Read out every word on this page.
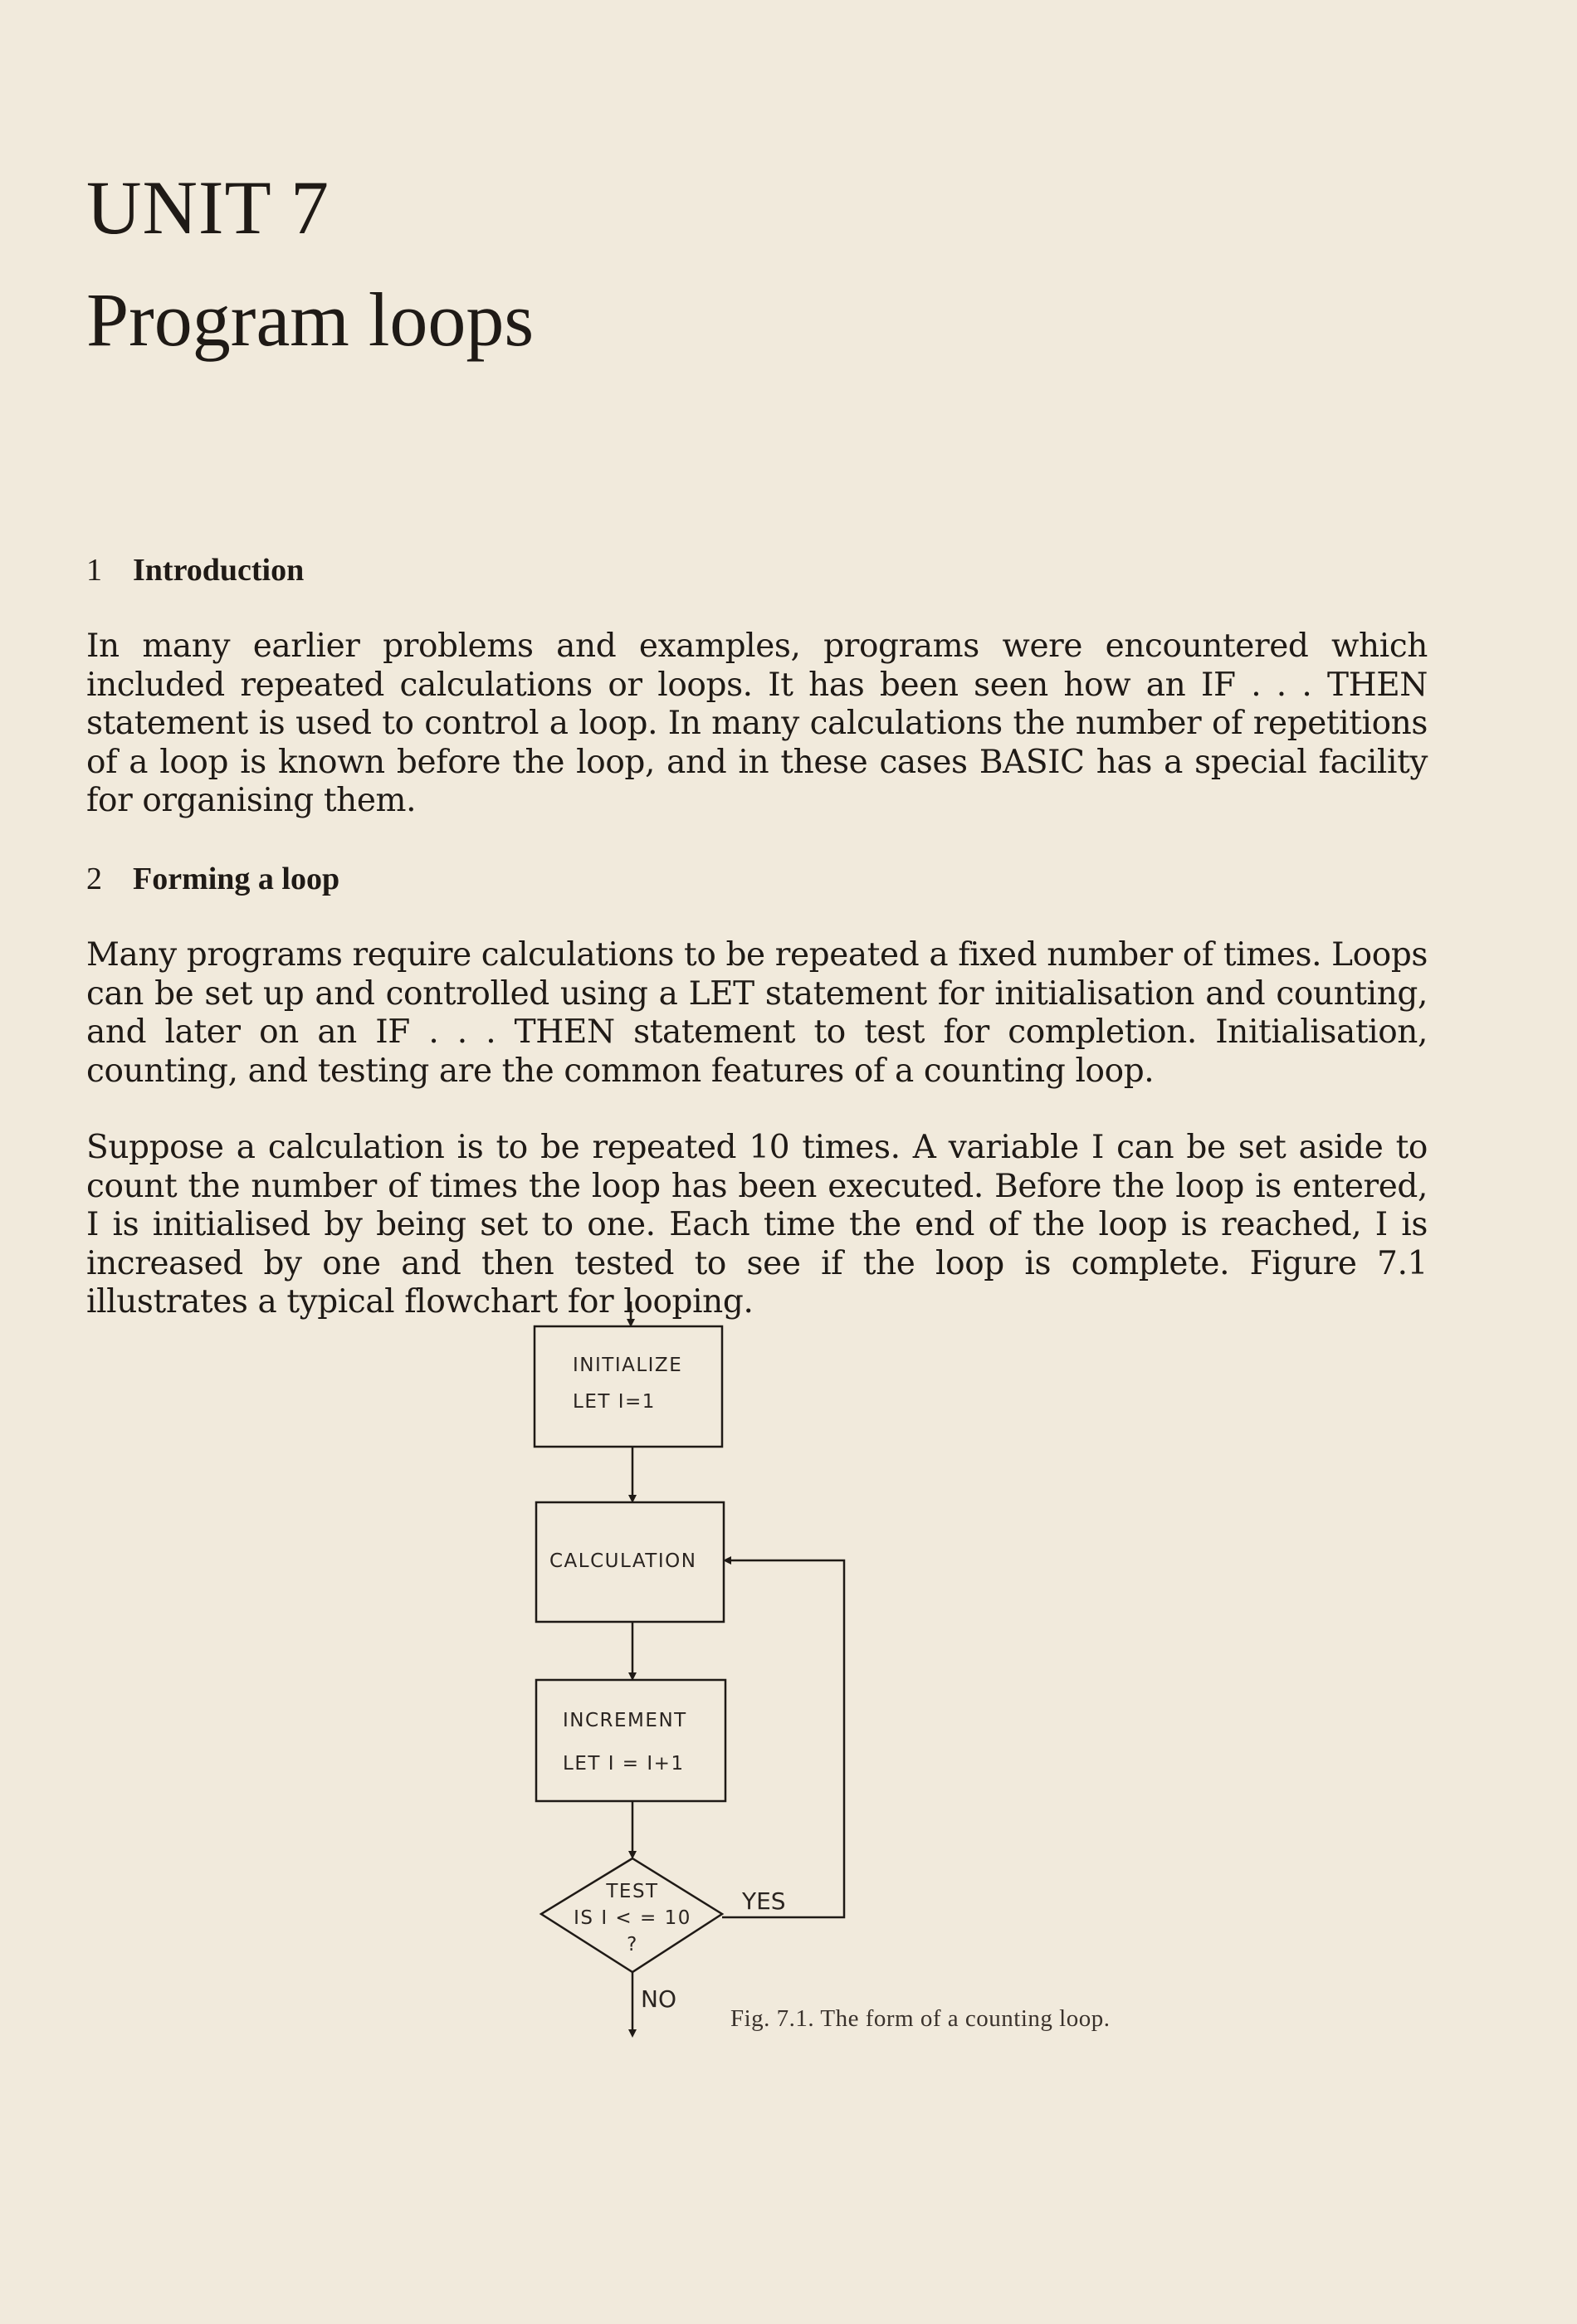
UNIT 7
Program loops
1 Introduction

In many earlier problems and examples, programs were encountered which included repeated calculations or loops. It has been seen how an IF . . . THEN statement is used to control a loop. In many calculations the number of repetitions of a loop is known before the loop, and in these cases BASIC has a special facility for organising them.

2 Forming a loop

Many programs require calculations to be repeated a fixed number of times. Loops can be set up and controlled using a LET statement for initialisation and counting, and later on an IF . . . THEN statement to test for completion. Initialisation, counting, and testing are the common features of a counting loop.

Suppose a calculation is to be repeated 10 times. A variable I can be set aside to count the number of times the loop has been executed. Before the loop is entered, I is initialised by being set to one. Each time the end of the loop is reached, I is increased by one and then tested to see if the loop is complete. Figure 7.1 illustrates a typical flowchart for looping.

INITIALIZE
LET I=1
CALCULATION
INCREMENT
LET I = I+1
TEST
IS I < = 10
?
YES
NO
Fig. 7.1. The form of a counting loop.
